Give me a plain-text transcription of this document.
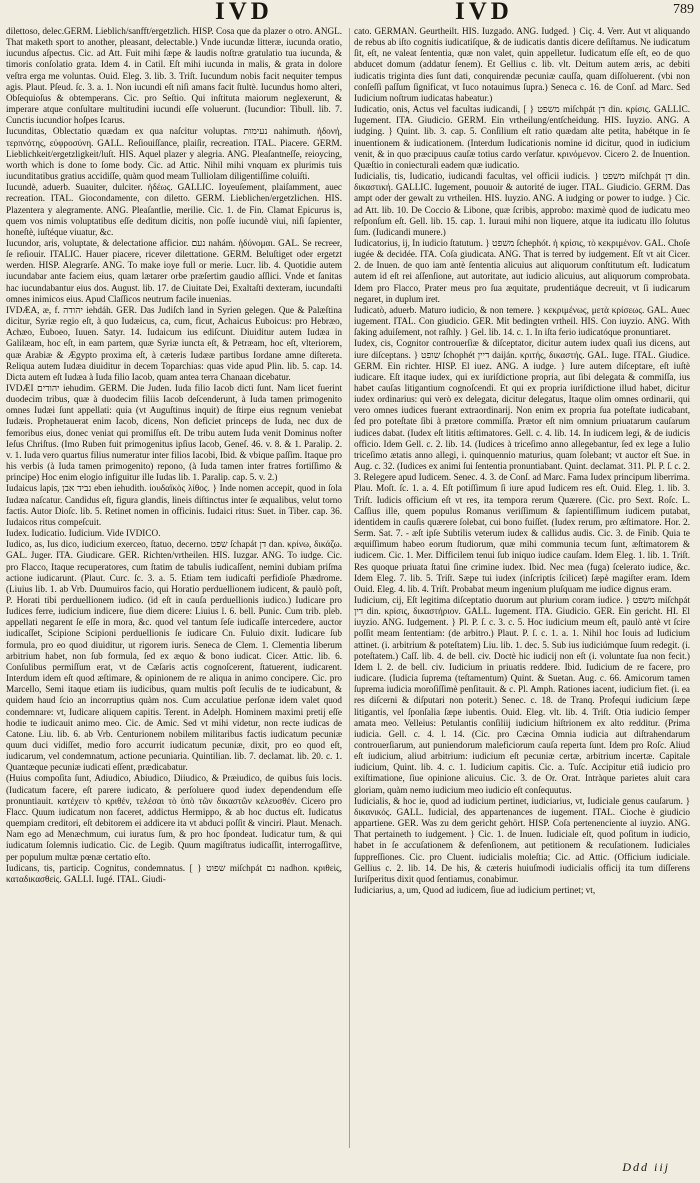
IVD	IVD	789

dilettoso, delec.GERM. Lieblich/sanfft/ergetzlich. HISP. Cosa que da plazer o otro. ANGL. That maketh sport to another, pleasant, delectable.) Vnde iucundæ litteræ, iucunda oratio, iucundus aſpectus. Cic. ad Att. Fuit mihi ſæpe & laudis noſtræ gratulatio tua iucunda, & timoris conſolatio grata. Idem 4. in Catil. Eſt mihi iucunda in malis, & grata in dolore veſtra erga me voluntas. Ouid. Eleg. 3. lib. 3. Triſt. Iucundum nobis facit nequiter tempus agis. Plaut. Pſeud. ſc. 3. a. 1. Non iucundi eſt niſi amans facit ſtultè. Iucundus homo alteri, Obſequioſus & obtemperans. Cic. pro Seſtio. Qui inſtituta maiorum neglexerunt, & imperare atque conſultare multitudini iucundi eſſe voluerunt. (Iucundior: Tibull. lib. 7. Cunctis iucundior hoſpes Icarus.

Iucunditas, Oblectatio quædam ex qua naſcitur voluptas. נעימות nahimuth. ἡδονή, τερπνότης, εὐφροσύνη. GALL. Reſiouiſſance, plaiſir, recreation. ITAL. Piacere. GERM. Lieblichkeit/ergetzligkeit/luſt. HIS. Aquel plazer y alegria. ANG. Pleaſantneſſe, reioycing, worth which is done to ſome body. Cic. ad Attic. Nihil mihi vnquam ex plurimis tuis iucunditatibus gratius accidiſſe, quàm quod meam Tulliolam diligentiſſime coluiſti.

Iucundè, aduerb. Suauiter, dulciter. ἡδέως. GALLIC. Ioyeuſement, plaiſamment, auec recreation. ITAL. Giocondamente, con diletto. GERM. Lieblichen/ergetzlichen. HIS. Plazentera y alegramente. ANG. Pleaſantlie, merilie. Cic. 1. de Fin. Clamat Epicurus is, quem vos nimis voluptatibus eſſe deditum dicitis, non poſſe iucundè viui, niſi ſapienter, honeſtè, iuſtéque viuatur, &c.

Iucundor, aris, voluptate, & delectatione afficior. נעם nahám. ἡδύνομαι. GAL. Se recreer, ſe reſiouir. ITALIC. Hauer piacere, ricever dilettatione. GERM. Beluſtiget oder ergetzt werden. HISP. Alegrarſe. ANG. To make ioye full or merie. Lucr. lib. 4. Quotidie autem iucundabar ante faciem eius, quam lætarer orbe præſertim gaudio aſſlici. Vnde et ſanitas hac iucundabantur eius dos. August. lib. 17. de Ciuitate Dei, Exaltaſti dexteram, iucundaſti omnes inimicos eius. Apud Claſſicos neutrum facile inuenias.

IVDÆA, æ, f. יהודה iehdáh. GER. Das Judiſch land in Syrien gelegen. Que & Palæſtina dicitur, Syriæ regio eſt, à quo Iudæicus, ca, cum, ficut, Achaicus Euboicus: pro Hebræo, Achæo, Euboeo, Iuuen. Satyr. 14. Iudaicum ius ediſcunt. Diuiditur autem Iudæa in Galilæam, hoc eſt, in eam partem, quæ Syriæ iuncta eſt, & Petræam, hoc eſt, vlteriorem, quæ Arabiæ & Ægypto proxima eſt, à cæteris Iudææ partibus Iordane amne diſtereta. Reliqua autem Iudæa diuiditur in decem Toparchias: quas vide apud Plin. lib. 5. cap. 14. Dicta autem eſt Iudæa à Iuda filio Iacob, quam antea terra Chanaan dicebatur.

IVDÆI יהודים iehudim. GERM. Die Juden. Iuda filio Iacob dicti ſunt. Nam licet fuerint duodecim tribus, quæ à duodecim filiis Iacob deſcenderunt, à Iuda tamen primogenito omnes Iudæi ſunt appellati: quia (vt Auguſtinus inquit) de ſtirpe eius regnum veniebat Iudæis. Prophetauerat enim Iacob, dicens, Non deficiet princeps de Iuda, nec dux de femoribus eius, donec veniat qui promiſſus eſt. De tribu autem Iuda venit Dominus noſter Ieſus Chriſtus. (Imo Ruben fuit primogenitus ipſius Iacob, Geneſ. 46. v. 8. & 1. Paralip. 2. v. 1. Iuda vero quartus filius numeratur inter filios Iacobi, Ibid. & vbique paſſim. Itaque pro his verbis (à Iuda tamen primogenito) repono, (à Iuda tamen inter fratres fortiſſimo & principe) Hoc enim elogio infiguitur ille Iudas lib. 1. Paralip. cap. 5. v. 2.)

Iudaicus lapis, נביד אבן eben iehudith. ἰουδαϊκὸς λίθος. } Inde nomen accepit, quod in ſola Iudæa naſcatur. Candidus eſt, figura glandis, lineis diſtinctus inter ſe æqualibus, velut torno factis. Autor Dioſc. lib. 5. Retinet nomen in officinis. Iudaici ritus: Suet. in Tiber. cap. 36. Iudaicos ritus compeſcuit.

Iudex. Iudicatio. Iudicium. Vide IVDICO.

Iudico, as, Ius dico, iudicium exerceo, ſtatuo, decerno. שפט ſchapát דן dan. κρίνω, δικάζω. GAL. Juger. ITA. Giudicare. GER. Richten/vrtheilen. HIS. Iuzgar. ANG. To iudge. Cic. pro Flacco, Itaque recuperatores, cum ſtatim de tabulis iudicaſſent, nemini dubiam priſma actione iudicarunt. (Plaut. Curc. ſc. 3. a. 5. Etiam tem iudicaſti perfidioſe Phædrome. (Liuius lib. 1. ab Vrb. Duumuiros facio, qui Horatio perduellionem iudicent, & paulò poſt, P. Horati tibi perduellionem iudico. (id eſt in cauſa perduellionis iudico.) Iudicare pro Iudices ferre, iudicium indicere, ſiue diem dicere: Liuius l. 6. bell. Punic. Cum trib. pleb. appellati negarent ſe eſſe in mora, &c. quod vel tantum ſeſe iudicaſſe intercedere, auctor iudicaſſet, Scipione Scipioni perduellionis ſe iudicare Cn. Fuluio dixit. Iudicare ſub formula, pro eo quod diuiditur, ut rigorem iuris. Seneca de Clem. 1. Clementia liberum arbitrium habet, non ſub formula, ſed ex æquo & bono iudicat. Cicer. Attic. lib. 6. Conſulibus permiſſum erat, vt de Cæſaris actis cognoſcerent, ſtatuerent, iudicarent. Interdum idem eſt quod æſtimare, & opinionem de re aliqua in animo concipere. Cic. pro Marcello, Semi itaque etiam iis iudicibus, quam multis poſt ſeculis de te iudicabunt, & quidem haud ſcio an incorruptius quàm nos. Cum acculatiue perſonæ idem valet quod condemnare: vt, Iudicare aliquem capitis. Terent. in Adelph. Hominem maximi pretij eſſe hodie te iudicauit animo meo. Cic. de Amic. Sed vt mihi videtur, non recte iudicas de Catone. Liu. lib. 6. ab Vrb. Centurionem nobilem militaribus factis iudicatum pecuniæ quum duci vidiſſet, medio foro accurrit iudicatum pecuniæ, dixit, pro eo quod eſt, iudicarum, vel condemnatum, actione pecuniaria. Quintilian. lib. 7. declamat. lib. 20. c. 1. Quantæque pecuniæ iudicati eſſent, prædicabatur.

(Huius compoſita ſunt, Adiudico, Abiudico, Diiudico, & Præiudico, de quibus ſuis locis. (Iudicatum facere, eſt parere iudicato, & perſoluere quod iudex dependendum eſſe pronuntiauit. κατέχειν τὸ κριθέν, τελέσαι τὸ ὑπὸ τῶν δικαστῶν κελευσθέν. Cicero pro Flacc. Quum iudicatum non faceret, addictus Hermippo, & ab hoc ductus eſt. Iudicatus quempiam creditori, eſt debitorem ei addicere ita vt abduci poſſit & vinciri. Plaut. Menach. Nam ego ad Menæchmum, cui iuratus ſum, & pro hoc ſpondeat. Iudicatur tum, & qui iudicatum ſolemnis iudicatio. Cic. de Legib. Quum magiſtratus iudicaſſit, interrogaſſitve, per populum multæ pœnæ certatio eſto.

Iudicans, tis, particip. Cognitus, condemnatus. [ } שפוט miſchpát נם nadhon. κριθεὶς, καταδικασθείς. GALLI. Iugé. ITAL. Giudi-

cato. GERMAN. Geurtheilt. HIS. Iuzgado. ANG. Iudged. } Ciç. 4. Verr. Aut vt aliquando de rebus ab iſto cognitis iudicatiſque, & de iudicatis dantis dicere deſiſtamus. Ne iudicatum ſit, eſt, ne valeat ſententia, quæ non valet, quin appelletur. Iudicatum eſſe eſt, eo de quo abducet domum (addatur ſenem). Et Gellius c. lib. vlt. Deitum autem æris, ac debiti iudicatis triginta dies ſunt dati, conquirendæ pecuniæ cauſſa, quam diſſoluerent. (vbi non conſeſſi paſſum ſignificat, vt Iuco notauimus ſupra.) Seneca c. 16. de Conſ. ad Marc. Sed Iudicium noſtrum iudicatas habeatur.)

Iudicatio, onis, Actus vel facultas iudicandi, [ } משפט miſchpát דן din. κρίσις. GALLIC. Iugement. ITA. Giudicio. GERM. Ein vrtheilung/entſcheidung. HIS. Iuyzio. ANG. A iudging. } Quint. lib. 3. cap. 5. Conſilium eſt ratio quædam alte petita, habétque in ſe inuentionem & iudicationem. (Interdum Iudicationis nomine id dicitur, quod in iudicium venit, & in quo præcipuus cauſæ totius cardo verſatur. κρινόμενον. Cicero 2. de Inuention. Quæſtio in coniecturali eadem quæ iudicatio.

Iudicialis, tis, Iudicatio, iudicandi facultas, vel officii iudicis. } משפט miſchpát דן din. δικαστική. GALLIC. Iugement, pouuoir & autorité de iuger. ITAL. Giudicio. GERM. Das ampt oder der gewalt zu vrtheilen. HIS. Iuyzio. ANG. A iudging or power to iudge. } Cic. ad Att. lib. 10. De Coccio & Libone, quæ ſcribis, approbo: maximè quod de iudicatu meo reſponſum eſt. Gell. lib. 15. cap. 1. Iuraui mihi non liquere, atque ita iudicatu illo ſolutus ſum. (Iudicandi munere.)

Iudicatorius, ij, In iudicio ſtatutum. } משפט ſchephót. ἡ κρίσις, τὸ κεκριμένον. GAL. Choſe iugée & decidée. ITA. Coſa giudicata. ANG. That is terred by iudgement. Eſt vt ait Cicer. 2. de Inuen. de quo iam antè ſententia alicuius aut aliquorum conſtitutum eſt. Iudicatum autem id eſt rei aſſenſione, aut autoritate, aut iudicio alicuius, aut aliquorum comprobata. Idem pro Flacco, Prater meus pro ſua æquitate, prudentiáque decreuit, vt ſi iudicarum negaret, in duplum iret.

Iudicatò, aduerb. Maturo iudicio, & non temere. } κεκριμένως, μετὰ κρίσεως. GAL. Auec iugement. ITAL. Con giudicio. GER. Mit bedingten vrtheil. HIS. Con iuyzio. ANG. With ſaking aduiſement, not raſhly. } Gel. lib. 14. c. 1. In iſta ferio iudicatóque pronuntiaret.

Iudex, cis, Cognitor controuerſiæ & diſceptator, dicitur autem iudex quaſi ius dicens, aut iure diſceptans. } שופט ſchophét דיין daiján. κριτής, δικαστής. GAL. Iuge. ITAL. Giudice. GERM. Ein richter. HISP. El iuez. ANG. A iudge. } Iure autem diſceptare, eſt iuſtè iudicare. Eſt itaque iudex, qui ex iuriſdictione propria, aut ſibi delegata & commiſſa, ius habet cauſas litigantium cognoſcendi. Et qui ex propria iuriſdictione illud habet, dicitur iudex ordinarius: qui verò ex delegata, dicitur delegatus, Itaque olim omnes ordinarii, qui vero omnes iudices fuerant extraordinarij. Non enim ex propria ſua poteſtate iudicabant, ſed pro poteſtate ſibi à prætore commiſſa. Prætor eſt nim omnium priuatarum cauſarum iudices dabat. (Iudex eſt lititis æſtimatores. Gell. c. 4. lib. 14. In iudicem legi, & de iudicis officio. Idem Gell. c. 2. lib. 14. (Iudices à triceſimo anno allegebantur, ſed ex lege a Iulio triceſimo ætatis anno allegi, i. quinquennio maturius, quam ſolebant; vt auctor eſt Sue. in Aug. c. 32. (Iudices ex animi ſui ſententia pronuntiabant. Quint. declamat. 311. Pl. P. ſ. c. 2. 3. Relegere apud Iudicem. Senec. 4. 3. de Conſ. ad Marc. Fama Iudex principum liberrima. Plau. Moſt. ſc. 1. a. 4. Eſt potiſſimum ſi iure apud Iudicem res eſt. Ouid. Eleg. 1. lib. 3. Triſt. Iudicis officium eſt vt res, ita tempora rerum Quærere. (Cic. pro Sext. Roſc. L. Caſſius ille, quem populus Romanus veriſſimum & ſapientiſſimum iudicem putabat, identidem in cauſis quærere ſolebat, cui bono fuiſſet. (Iudex rerum, pro æſtimatore. Hor. 2. Serm. Sat. 7. - æſt ipſe Subtilis veterum iudex & callidus audis. Cic. 3. de Finib. Quia te æquiſſimum habeo eorum ſtudiorum, quæ mihi communia tecum ſunt, æſtimatorem & iudicem. Cic. 1. Mer. Difficilem tenui ſub iniquo iudice cauſam. Idem Eleg. 1. lib. 1. Triſt. Res quoque priuata ſtatui ſine crimine iudex. Ibid. Nec mea (fuga) ſcelerato iudice, &c. Idem Eleg. 7. lib. 5. Triſt. Sæpe tui iudex (inſcriptis ſcilicet) ſæpè magiſter eram. Idem Ouid. Eleg. 4. lib. 4. Triſt. Probabat meum ingenium pluſquam me iudice dignus eram.

Iudicium, cij, Eſt legitima diſceptatio duorum aut plurium coram iudice. } משפט miſchpát דין din. κρίσις, δικαστήριον. GALL. Iugement. ITA. Giudicio. GER. Ein gericht. HI. El iuyzio. ANG. Iudgement. } Pl. P. ſ. c. 3. c. 5. Hoc iudicium meum eſt, paulò antè vt ſcire poſſit meam ſententiam: (de arbitro.) Plaut. P. ſ. c. 1. a. 1. Nihil hoc Iouis ad Iudicium attinet. (i. arbitrium & poteſtatem) Liu. lib. 1. dec. 5. Sub ius iudiciúmque ſuum redegit. (i. poteſtatem.) Caſſ. lib. 4. de bell. civ. Doctè hic iudicij non eſt (i. voluntate ſua non fecit.) Idem l. 2. de bell. civ. Iudicium in priuatis reddere. Ibid. Iudicium de re facere, pro iudicare. (Iudicia ſuprema (teſtamentum) Quint. & Suetan. Aug. c. 66. Amicorum tamen ſuprema iudicia moroſiſſimè penſitauit. & c. Pl. Amph. Rationes iacent, iudicium fiet. (i. ea res diſcerni & diſputari non poterit.) Senec. c. 18. de Tranq. Profequi iudicium ſæpe litigantis, vel ſponſalia ſæpe iubentis. Ouid. Eleg. vlt. lib. 4. Triſt. Otia iudicio ſemper amata meo. Velleius: Petulantis conſiliij iudicium hiſtrionem ex alto redditur. (Prima iudicia. Gell. c. 4. l. 14. (Cic. pro Cæcina Omnia iudicia aut diſtrahendarum controuerſiarum, aut puniendorum maleficiorum cauſa reperta ſunt. Idem pro Roſc. Aliud eſt iudicium, aliud arbitrium: iudicium eſt pecuniæ certæ, arbitrium incertæ. Capitale iudicium, Quint. lib. 4. c. 1. Iudicium capitis. Cic. a. Tuſc. Accipitur etiâ iudicio pro exiſtimatione, ſiue opinione alicuius. Cic. 3. de Or. Orat. Intràque parietes aluit cara gloriam, quàm nemo iudicium meo iudicio eſt conſequutus.

Iudicialis, & hoc ie, quod ad iudicium pertinet, iudiciarius, vt, Iudiciale genus cauſarum. } δικανικός. GALL. Iudicial, des appartenances de iugement. ITAL. Cioche è giudicio appartiene. GER. Was zu dem gericht gehört. HISP. Coſa pertenenciente al iuyzio. ANG. That pertaineth to iudgement. } Cic. 1. de Inuen. Iudiciale eſt, quod poſitum in iudicio, habet in ſe accuſationem & defenſionem, aut petitionem & recuſationem. Iudiciales ſuppreſſiones. Cic. pro Cluent. iudicialis moleſtia; Cic. ad Attic. (Officium iudiciale. Gellius c. 2. lib. 14. De his, & cæteris huiuſmodi iudicialis officij ita tum diſſerens Iuriſperitus dixit quod ſentiamus, conabimur.

Iudiciarius, a, um, Quod ad iudicem, ſiue ad iudicium pertinet; vt,

Ddd iij
